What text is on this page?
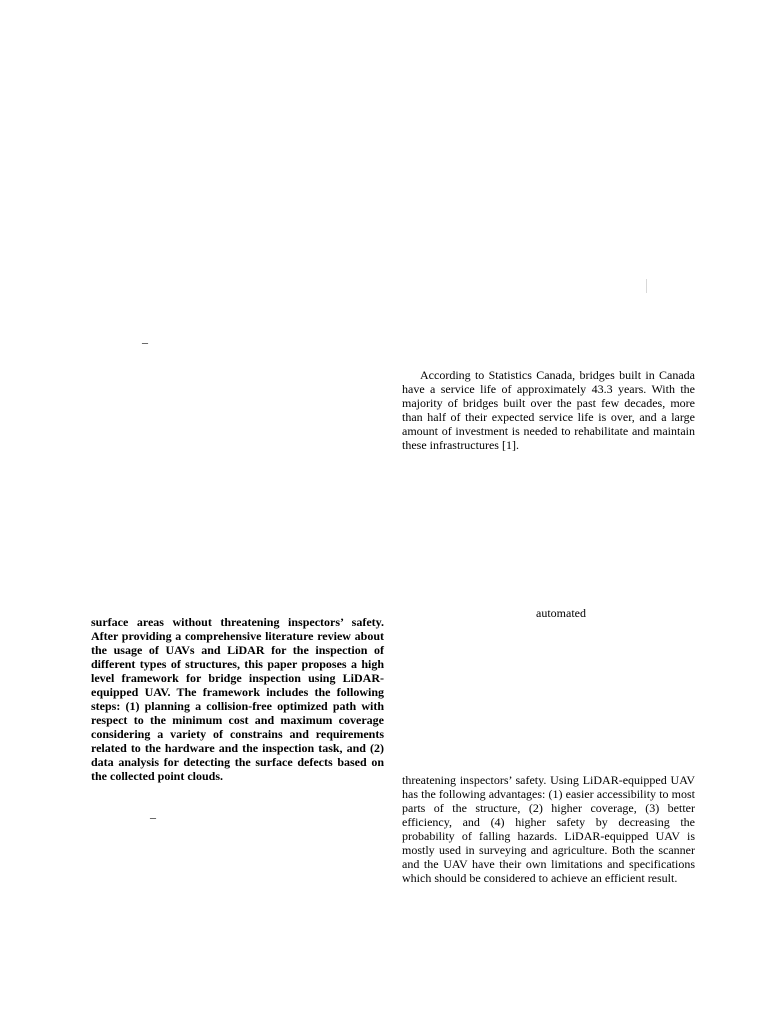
–

According to Statistics Canada, bridges built in Canada have a service life of approximately 43.3 years. With the majority of bridges built over the past few decades, more than half of their expected service life is over, and a large amount of investment is needed to rehabilitate and maintain these infrastructures [1].

automated

surface areas without threatening inspectors’ safety. After providing a comprehensive literature review about the usage of UAVs and LiDAR for the inspection of different types of structures, this paper proposes a high level framework for bridge inspection using LiDAR-equipped UAV. The framework includes the following steps: (1) planning a collision-free optimized path with respect to the minimum cost and maximum coverage considering a variety of constrains and requirements related to the hardware and the inspection task, and (2) data analysis for detecting the surface defects based on the collected point clouds.

–

threatening inspectors’ safety. Using LiDAR-equipped UAV has the following advantages: (1) easier accessibility to most parts of the structure, (2) higher coverage, (3) better efficiency, and (4) higher safety by decreasing the probability of falling hazards. LiDAR-equipped UAV is mostly used in surveying and agriculture. Both the scanner and the UAV have their own limitations and specifications which should be considered to achieve an efficient result.
